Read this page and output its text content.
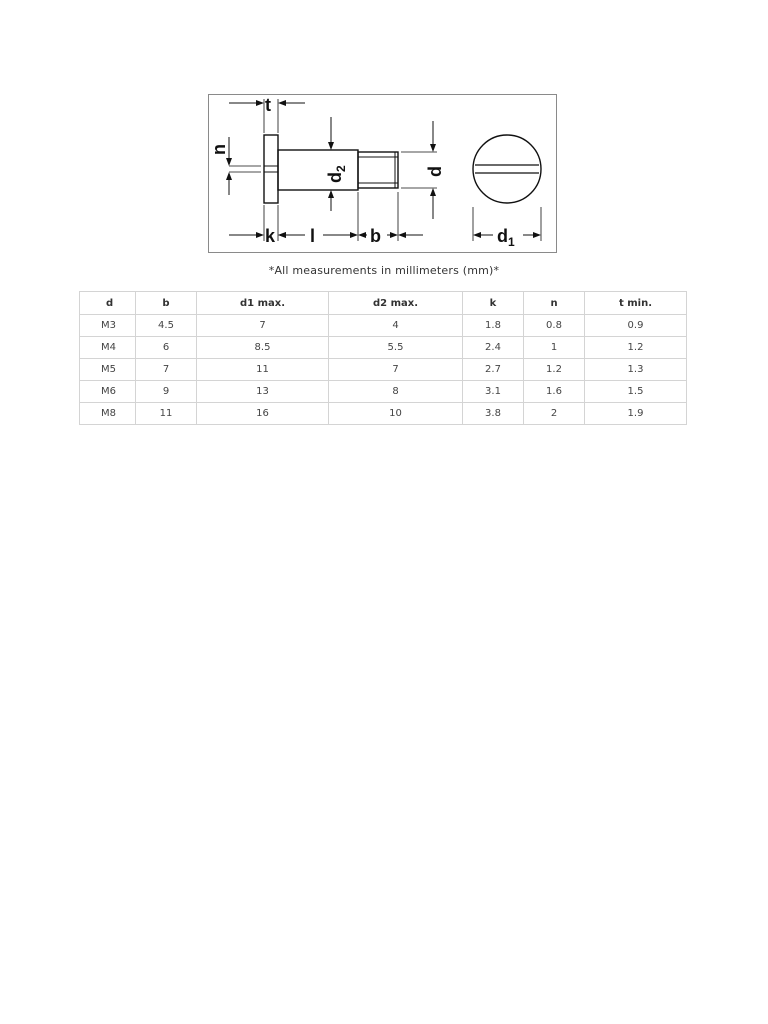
t
n
$d_2$	d
k l	b	$d_1$
*All measurements in millimeters (mm)*
d	b	d1 max.	d2 max.	k	n	t min.
M3	4.5	7	4	1.8	0.8	0.9
M4	6	8.5	5.5	2.4	1	1.2
M5	7	11	7	2.7	1.2	1.3
M6	9	13	8	3.1	1.6	1.5
M8	11	16	10	3.8	2	1.9
